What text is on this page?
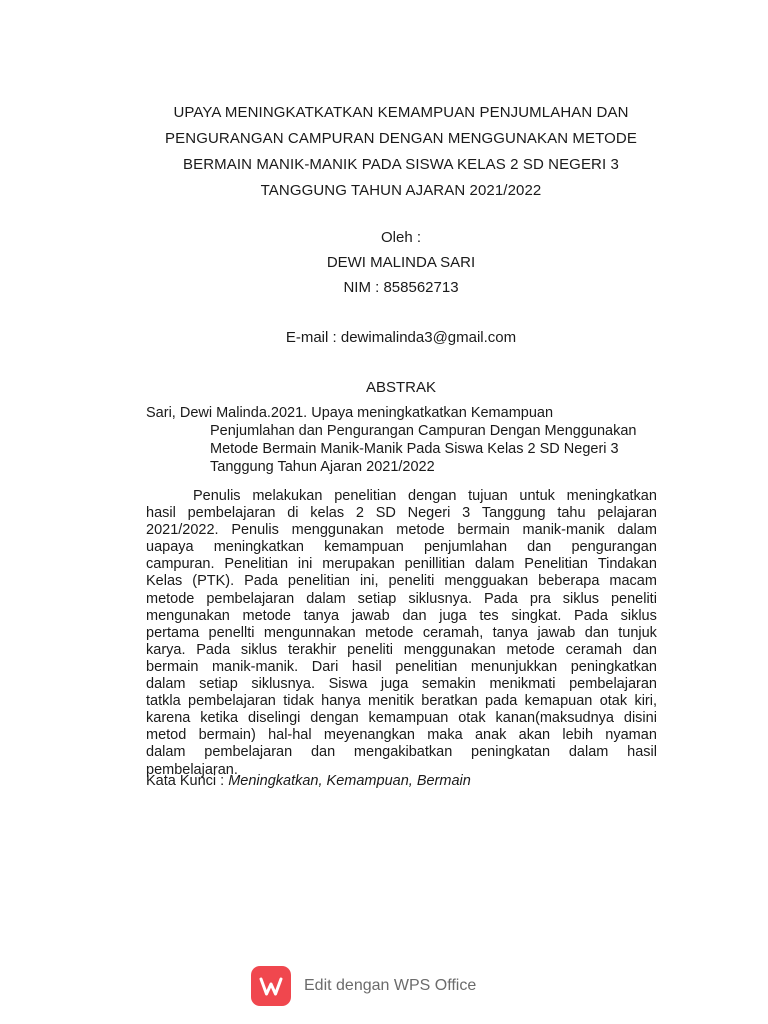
UPAYA MENINGKATKATKAN KEMAMPUAN PENJUMLAHAN DAN
PENGURANGAN CAMPURAN DENGAN MENGGUNAKAN METODE
BERMAIN MANIK-MANIK PADA SISWA KELAS 2 SD NEGERI 3
TANGGUNG TAHUN AJARAN 2021/2022
Oleh :
DEWI MALINDA SARI
NIM : 858562713
E-mail : dewimalinda3@gmail.com
ABSTRAK
Sari, Dewi Malinda.2021. Upaya meningkatkatkan Kemampuan
Penjumlahan dan Pengurangan Campuran Dengan Menggunakan
Metode Bermain Manik-Manik Pada Siswa Kelas 2 SD Negeri 3
Tanggung Tahun Ajaran 2021/2022
Penulis melakukan penelitian dengan tujuan untuk meningkatkan
hasil pembelajaran di kelas 2 SD Negeri 3 Tanggung tahu pelajaran
2021/2022. Penulis menggunakan metode bermain manik-manik dalam
uapaya meningkatkan kemampuan penjumlahan dan pengurangan
campuran. Penelitian ini merupakan penillitian dalam Penelitian Tindakan
Kelas (PTK). Pada penelitian ini, peneliti mengguakan beberapa macam
metode pembelajaran dalam setiap siklusnya. Pada pra siklus peneliti
mengunakan metode tanya jawab dan juga tes singkat. Pada siklus
pertama penellti mengunnakan metode ceramah, tanya jawab dan tunjuk
karya. Pada siklus terakhir peneliti menggunakan metode ceramah dan
bermain manik-manik. Dari hasil penelitian menunjukkan peningkatkan
dalam setiap siklusnya. Siswa juga semakin menikmati pembelajaran
tatkla pembelajaran tidak hanya menitik beratkan pada kemapuan otak kiri,
karena ketika diselingi dengan kemampuan otak kanan(maksudnya disini
metod bermain) hal-hal meyenangkan maka anak akan lebih nyaman
dalam pembelajaran dan mengakibatkan peningkatan dalam hasil
pembelajaran.
Kata Kunci : Meningkatkan, Kemampuan, Bermain
Edit dengan WPS Office
